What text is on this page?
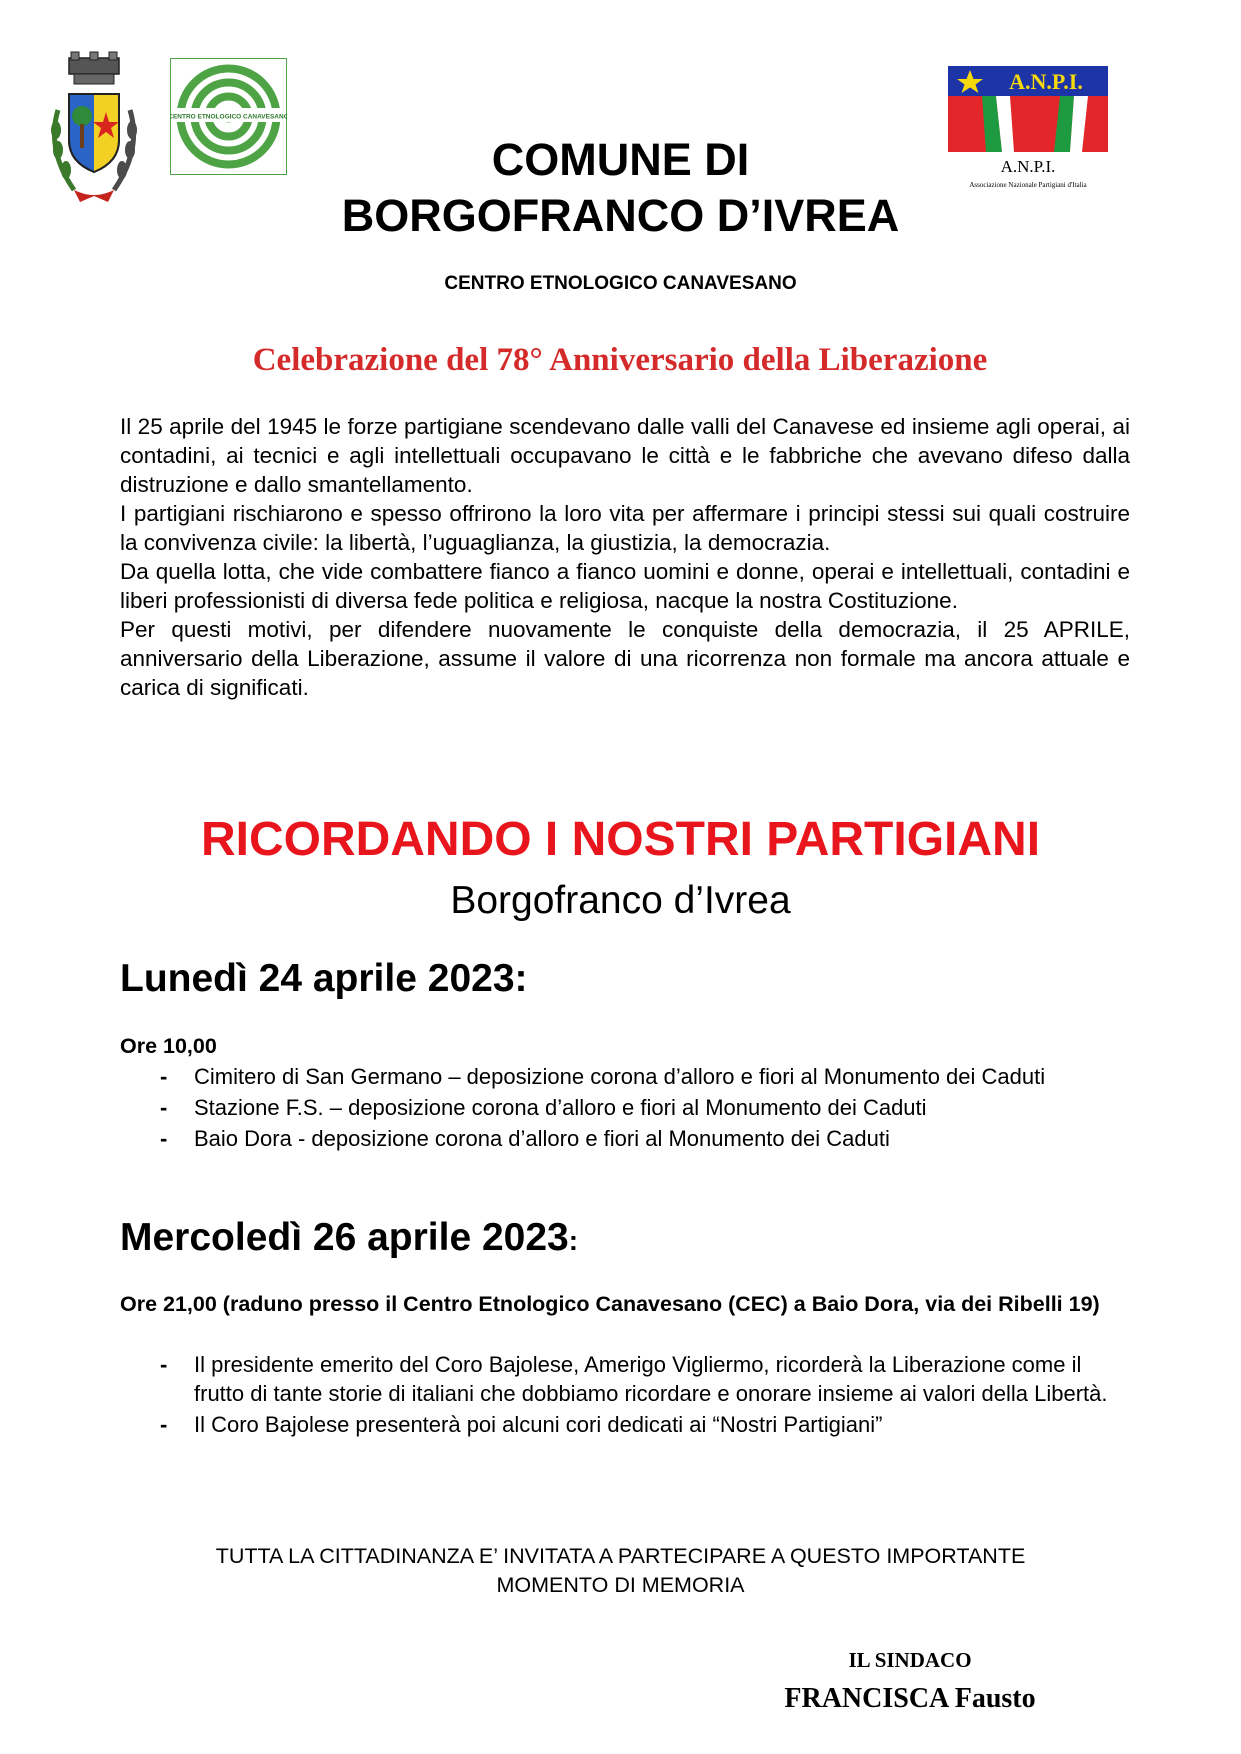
CENTRO ETNOLOGICO CANAVESANO
A.N.P.I.
A.N.P.I.
Associazione Nazionale Partigiani d'Italia
COMUNE DI
BORGOFRANCO D’IVREA
CENTRO ETNOLOGICO CANAVESANO
Celebrazione del 78° Anniversario della Liberazione

Il 25 aprile del 1945 le forze partigiane scendevano dalle valli del Canavese ed insieme agli operai, ai contadini, ai tecnici e agli intellettuali occupavano le città e le fabbriche che avevano difeso dalla distruzione e dallo smantellamento.

I partigiani rischiarono e spesso offrirono la loro vita per affermare i principi stessi sui quali costruire la convivenza civile: la libertà, l’uguaglianza, la giustizia, la democrazia.

Da quella lotta, che vide combattere fianco a fianco uomini e donne, operai e intellettuali, contadini e liberi professionisti di diversa fede politica e religiosa, nacque la nostra Costituzione.

Per questi motivi, per difendere nuovamente le conquiste della democrazia, il 25 APRILE, anniversario della Liberazione, assume il valore di una ricorrenza non formale ma ancora attuale e carica di significati.

RICORDANDO I NOSTRI PARTIGIANI
Borgofranco d’Ivrea
Lunedì 24 aprile 2023:
Ore 10,00
- Cimitero di San Germano – deposizione corona d’alloro e fiori al Monumento dei Caduti
- Stazione F.S. – deposizione corona d’alloro e fiori al Monumento dei Caduti
- Baio Dora - deposizione corona d’alloro e fiori al Monumento dei Caduti
Mercoledì 26 aprile 2023:
Ore 21,00 (raduno presso il Centro Etnologico Canavesano (CEC) a Baio Dora, via dei Ribelli 19)
- Il presidente emerito del Coro Bajolese, Amerigo Vigliermo, ricorderà la Liberazione come il frutto di tante storie di italiani che dobbiamo ricordare e onorare insieme ai valori della Libertà.
- Il Coro Bajolese presenterà poi alcuni cori dedicati ai “Nostri Partigiani”
TUTTA LA CITTADINANZA E’ INVITATA A PARTECIPARE A QUESTO IMPORTANTE
MOMENTO DI MEMORIA
IL SINDACO
FRANCISCA Fausto
